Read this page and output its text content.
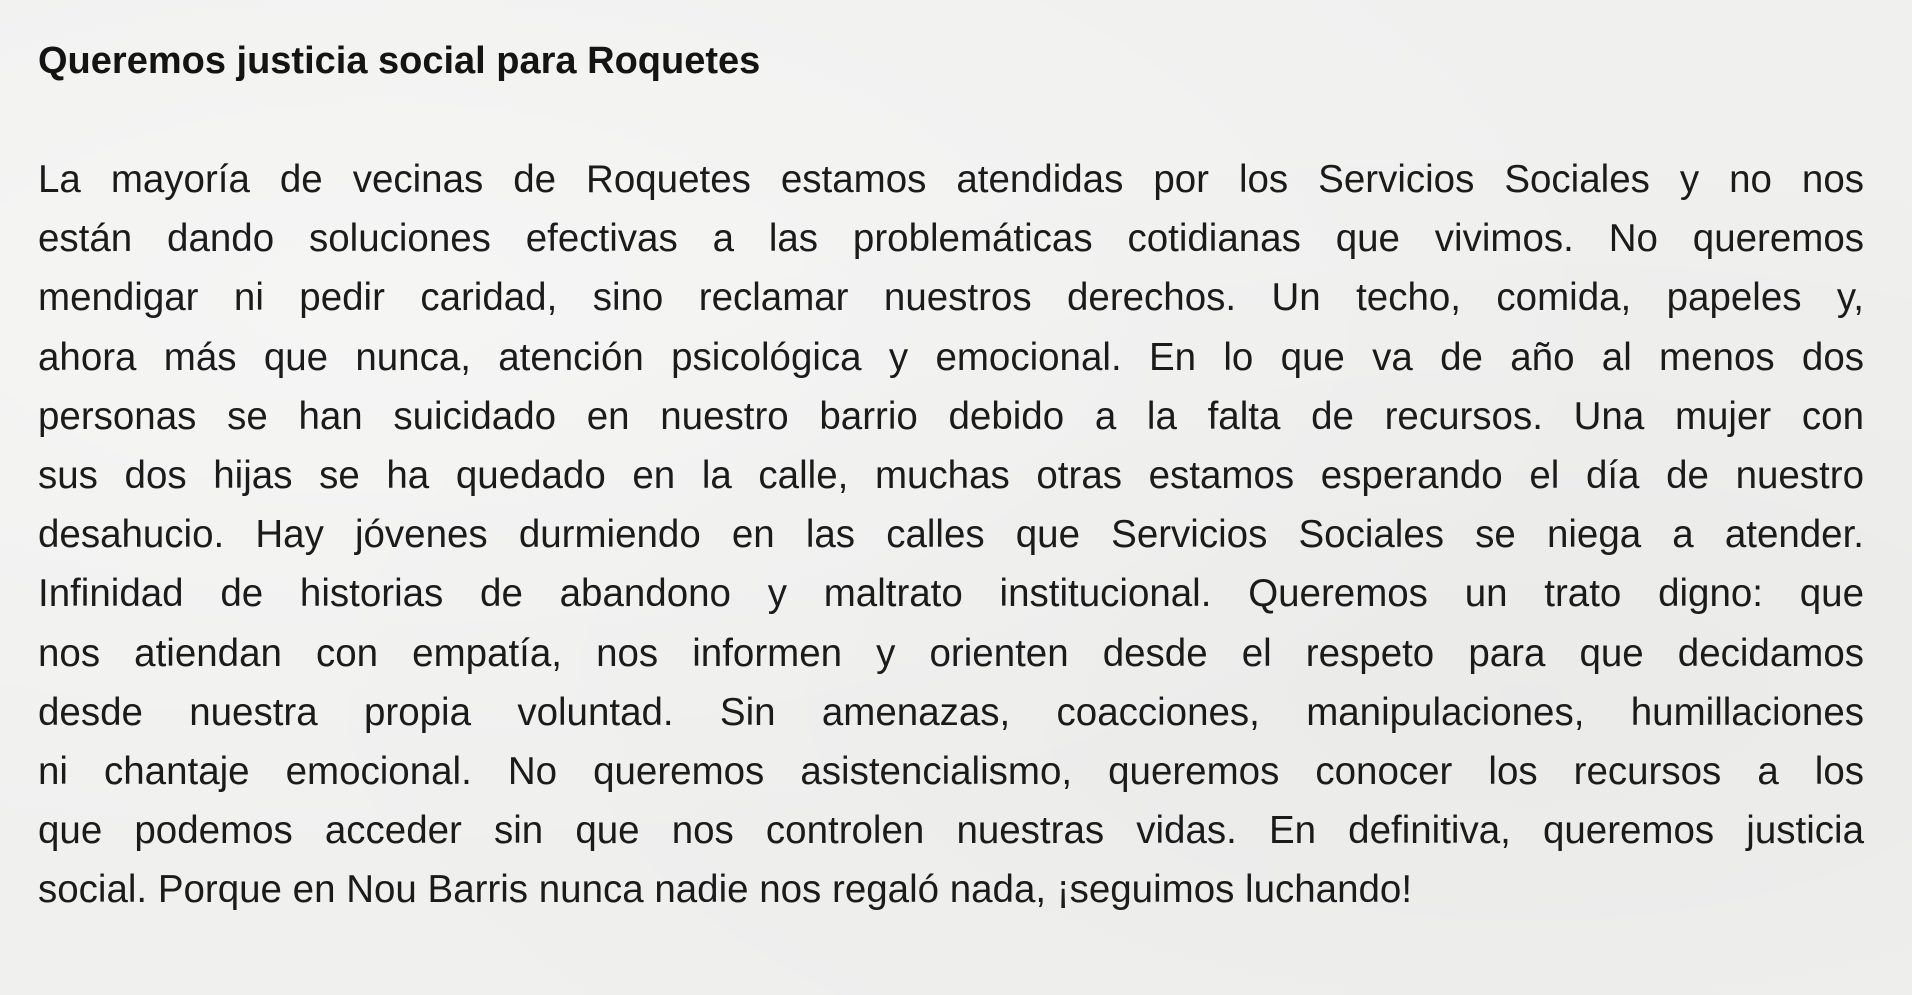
Queremos justicia social para Roquetes
La mayoría de vecinas de Roquetes estamos atendidas por los Servicios Sociales y no nos
están dando soluciones efectivas a las problemáticas cotidianas que vivimos. No queremos
mendigar ni pedir caridad, sino reclamar nuestros derechos. Un techo, comida, papeles y,
ahora más que nunca, atención psicológica y emocional. En lo que va de año al menos dos
personas se han suicidado en nuestro barrio debido a la falta de recursos. Una mujer con
sus dos hijas se ha quedado en la calle, muchas otras estamos esperando el día de nuestro
desahucio. Hay jóvenes durmiendo en las calles que Servicios Sociales se niega a atender.
Infinidad de historias de abandono y maltrato institucional. Queremos un trato digno: que
nos atiendan con empatía, nos informen y orienten desde el respeto para que decidamos
desde nuestra propia voluntad. Sin amenazas, coacciones, manipulaciones, humillaciones
ni chantaje emocional. No queremos asistencialismo, queremos conocer los recursos a los
que podemos acceder sin que nos controlen nuestras vidas. En definitiva, queremos justicia
social. Porque en Nou Barris nunca nadie nos regaló nada, ¡seguimos luchando!
